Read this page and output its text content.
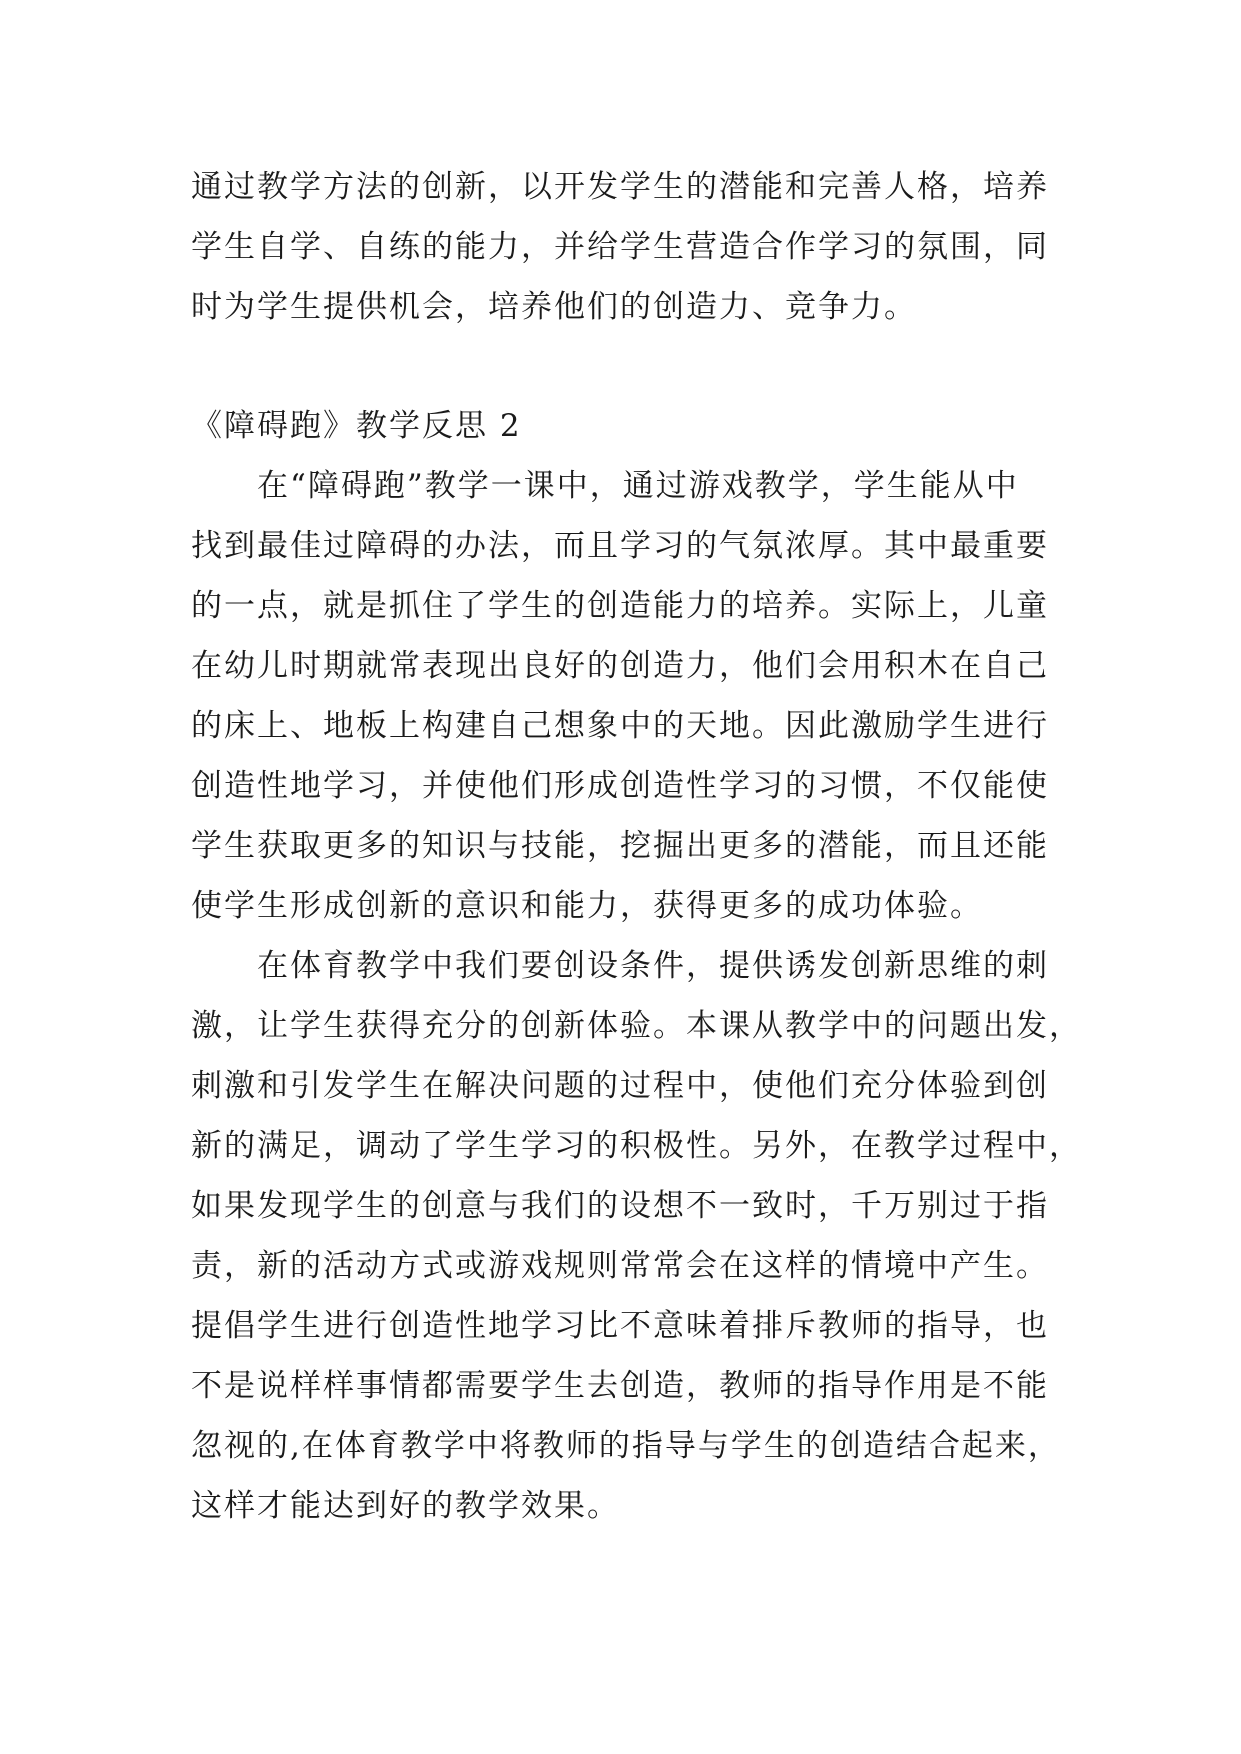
通过教学方法的创新，以开发学生的潜能和完善人格，培养
学生自学、自练的能力，并给学生营造合作学习的氛围，同
时为学生提供机会，培养他们的创造力、竞争力。
《障碍跑》教学反思 2
在“障碍跑”教学一课中，通过游戏教学，学生能从中
找到最佳过障碍的办法，而且学习的气氛浓厚。其中最重要
的一点，就是抓住了学生的创造能力的培养。实际上，儿童
在幼儿时期就常表现出良好的创造力，他们会用积木在自己
的床上、地板上构建自己想象中的天地。因此激励学生进行
创造性地学习，并使他们形成创造性学习的习惯，不仅能使
学生获取更多的知识与技能，挖掘出更多的潜能，而且还能
使学生形成创新的意识和能力，获得更多的成功体验。
在体育教学中我们要创设条件，提供诱发创新思维的刺
激，让学生获得充分的创新体验。本课从教学中的问题出发，
刺激和引发学生在解决问题的过程中，使他们充分体验到创
新的满足，调动了学生学习的积极性。另外，在教学过程中，
如果发现学生的创意与我们的设想不一致时，千万别过于指
责，新的活动方式或游戏规则常常会在这样的情境中产生。
提倡学生进行创造性地学习比不意味着排斥教师的指导，也
不是说样样事情都需要学生去创造，教师的指导作用是不能
忽视的,在体育教学中将教师的指导与学生的创造结合起来，
这样才能达到好的教学效果。
